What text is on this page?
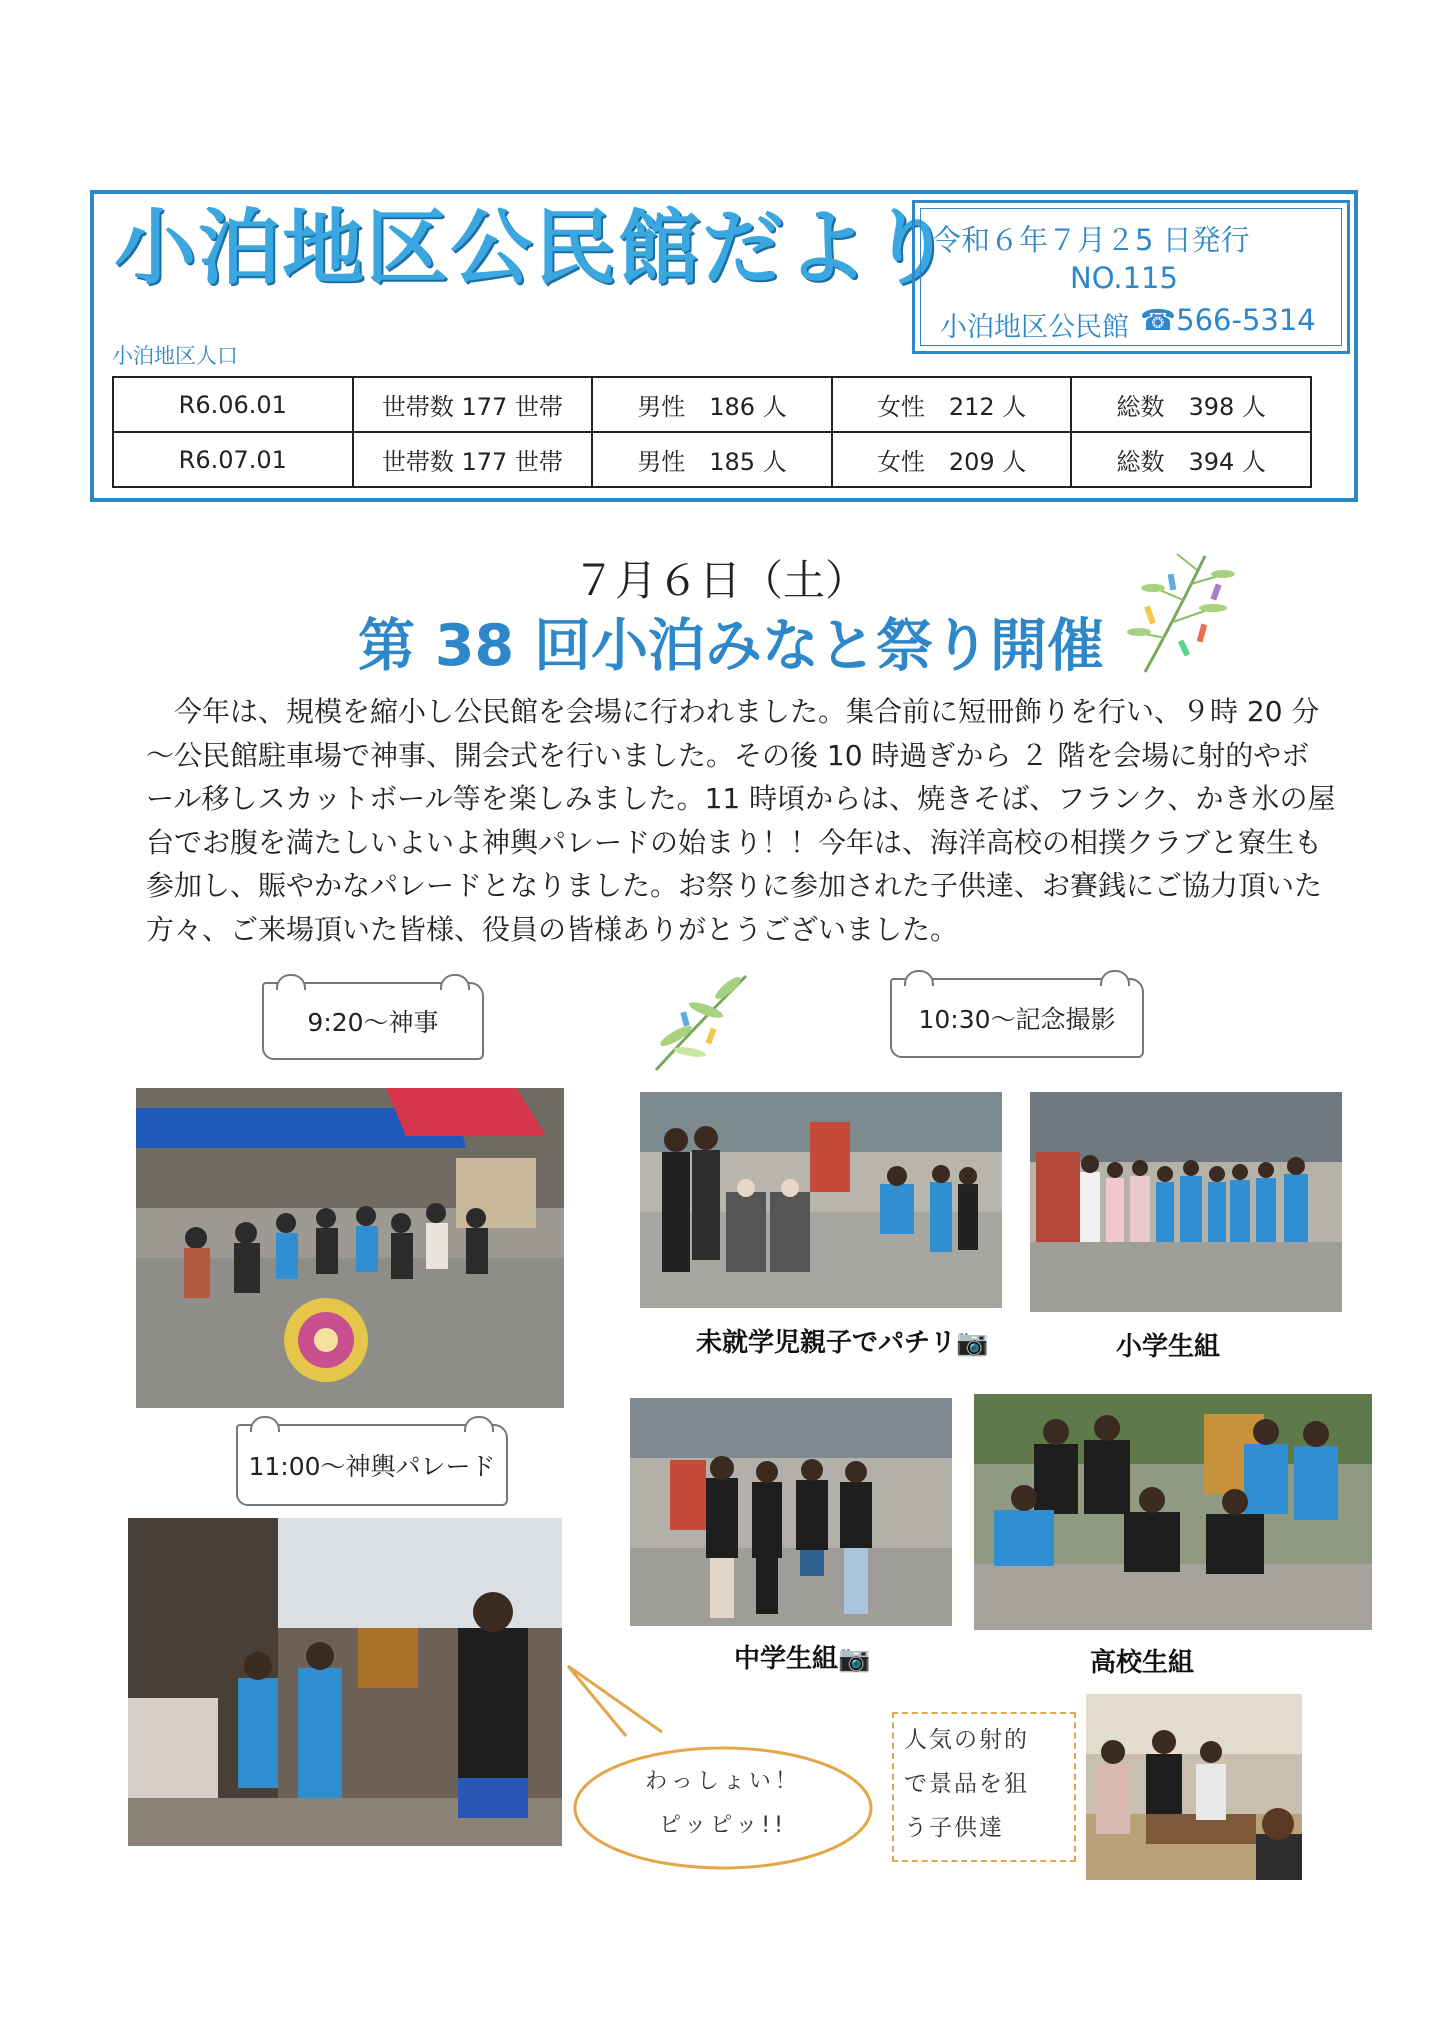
小泊地区公民館だより
令和６年７月２5 日発行
NO.115
小泊地区公民館 ☎566-5314
小泊地区人口
R6.06.01	世帯数 177 世帯	男性　186 人	女性　212 人	総数　398 人
R6.07.01	世帯数 177 世帯	男性　185 人	女性　209 人	総数　394 人
７月６日（土）
第 38 回小泊みなと祭り開催

今年は、規模を縮小し公民館を会場に行われました。集合前に短冊飾りを行い、９時 20 分～公民館駐車場で神事、開会式を行いました。その後 10 時過ぎから ２ 階を会場に射的やボール移しスカットボール等を楽しみました。11 時頃からは、焼きそば、フランク、かき氷の屋台でお腹を満たしいよいよ神輿パレードの始まり！！今年は、海洋高校の相撲クラブと寮生も参加し、賑やかなパレードとなりました。お祭りに参加された子供達、お賽銭にご協力頂いた方々、ご来場頂いた皆様、役員の皆様ありがとうございました。

9:20～神事	10:30～記念撮影
11:00～神輿パレード
未就学児親子でパチリ📷	小学生組
中学生組📷	高校生組
わっしょい！
ピッピッ!!
人気の射的
で景品を狙
う子供達
